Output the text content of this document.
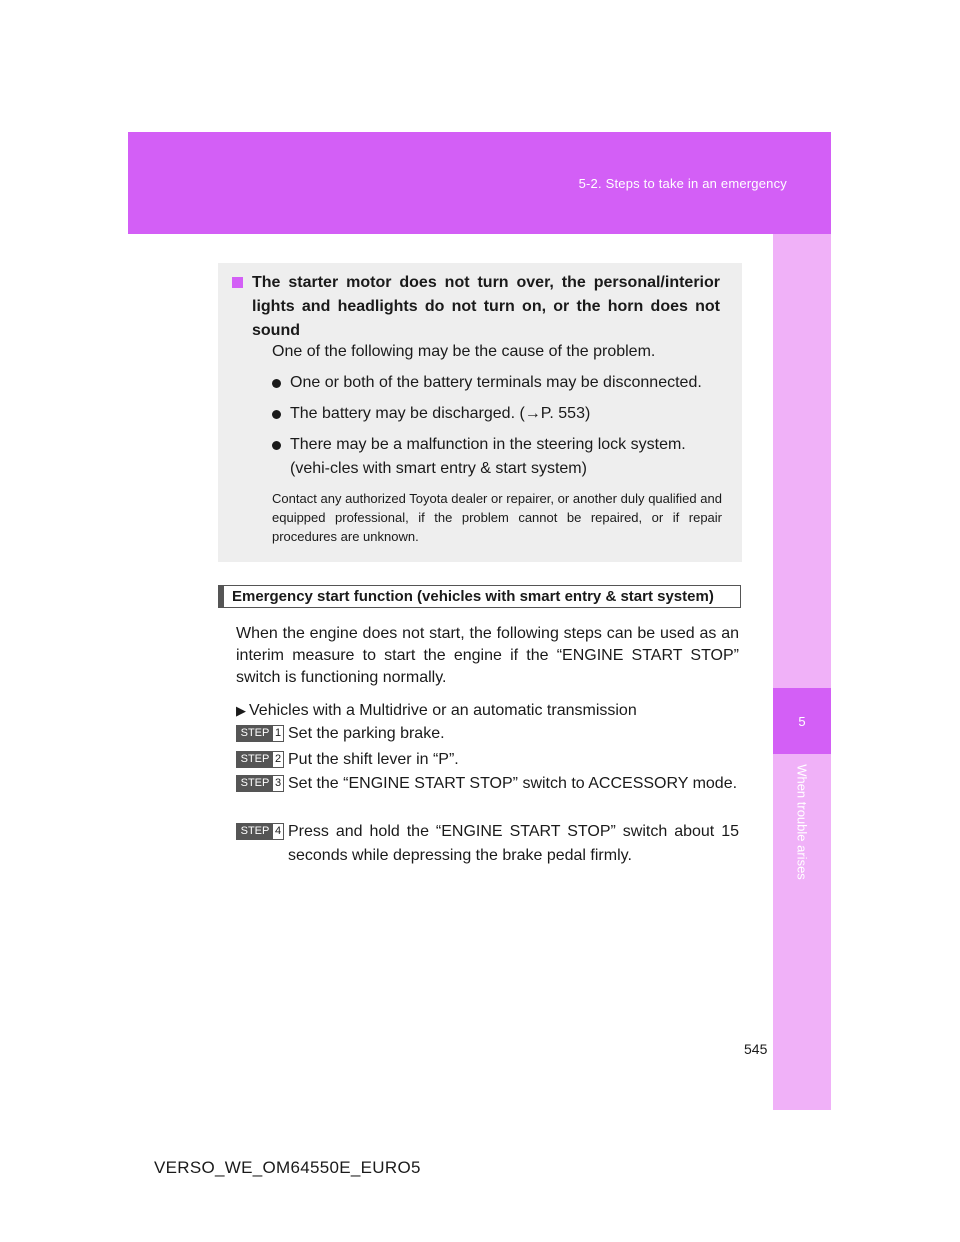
5-2. Steps to take in an emergency
5
When trouble arises
The starter motor does not turn over, the personal/interior lights and headlights do not turn on, or the horn does not sound
One of the following may be the cause of the problem.
One or both of the battery terminals may be disconnected.
The battery may be discharged. (→P. 553)
There may be a malfunction in the steering lock system. (vehi-cles with smart entry & start system)
Contact any authorized Toyota dealer or repairer, or another duly qualified and equipped professional, if the problem cannot be repaired, or if repair procedures are unknown.
Emergency start function (vehicles with smart entry & start system)
When the engine does not start, the following steps can be used as an interim measure to start the engine if the “ENGINE START STOP” switch is functioning normally.
▶ Vehicles with a Multidrive or an automatic transmission
STEP 1 Set the parking brake.
STEP 2 Put the shift lever in “P”.
STEP 3 Set the “ENGINE START STOP” switch to ACCESSORY mode.
STEP 4 Press and hold the “ENGINE START STOP” switch about 15 seconds while depressing the brake pedal firmly.
545
VERSO_WE_OM64550E_EURO5
